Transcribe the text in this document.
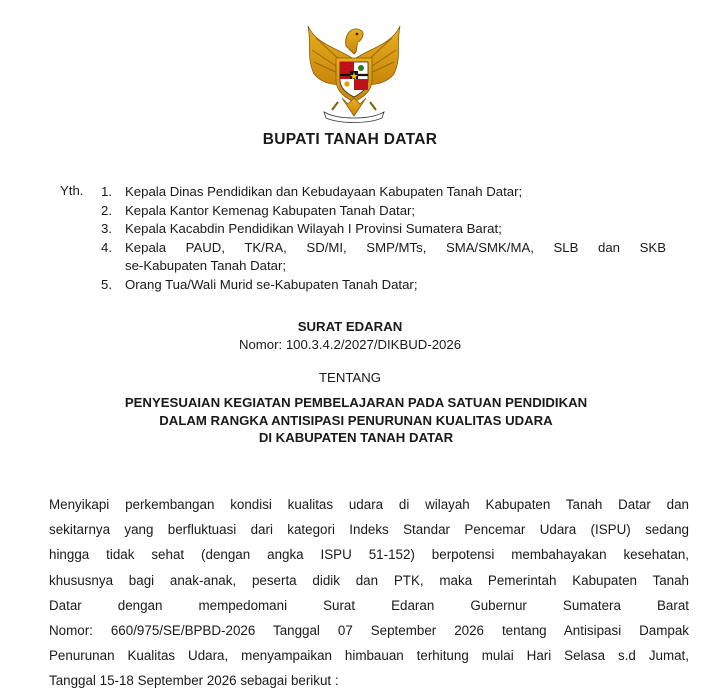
BUPATI TANAH DATAR
Yth. 1. Kepala Dinas Pendidikan dan Kebudayaan Kabupaten Tanah Datar;
2. Kepala Kantor Kemenag Kabupaten Tanah Datar;
3. Kepala Kacabdin Pendidikan Wilayah I Provinsi Sumatera Barat;
4. Kepala PAUD, TK/RA, SD/MI, SMP/MTs, SMA/SMK/MA, SLB dan SKB
se-Kabupaten Tanah Datar;
5. Orang Tua/Wali Murid se-Kabupaten Tanah Datar;
SURAT EDARAN
Nomor: 100.3.4.2/2027/DIKBUD-2026
TENTANG
PENYESUAIAN KEGIATAN PEMBELAJARAN PADA SATUAN PENDIDIKAN
DALAM RANGKA ANTISIPASI PENURUNAN KUALITAS UDARA
DI KABUPATEN TANAH DATAR
Menyikapi perkembangan kondisi kualitas udara di wilayah Kabupaten Tanah Datar dan
sekitarnya yang berfluktuasi dari kategori Indeks Standar Pencemar Udara (ISPU) sedang
hingga tidak sehat (dengan angka ISPU 51-152) berpotensi membahayakan kesehatan,
khususnya bagi anak-anak, peserta didik dan PTK, maka Pemerintah Kabupaten Tanah
Datar dengan mempedomani Surat Edaran Gubernur Sumatera Barat
Nomor: 660/975/SE/BPBD-2026 Tanggal 07 September 2026 tentang Antisipasi Dampak
Penurunan Kualitas Udara, menyampaikan himbauan terhitung mulai Hari Selasa s.d Jumat,
Tanggal 15-18 September 2026 sebagai berikut :
